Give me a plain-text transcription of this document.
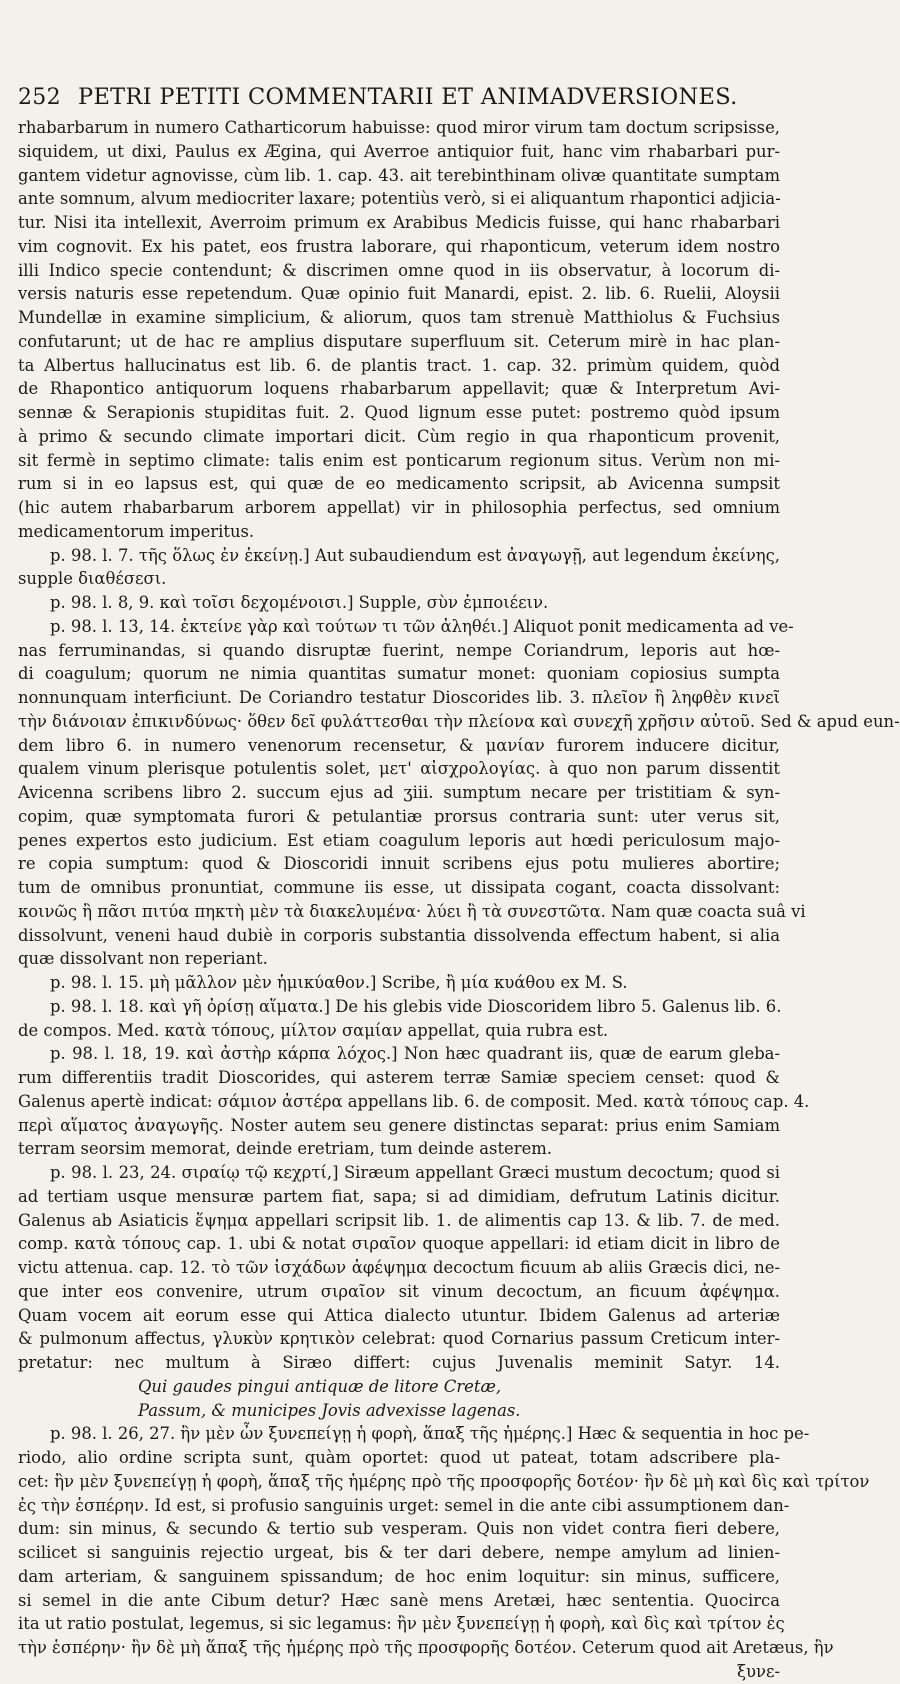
252 PETRI PETITI COMMENTARII ET ANIMADVERSIONES.
rhabarbarum in numero Catharticorum habuisse: quod miror virum tam doctum scripsisse,
siquidem, ut dixi, Paulus ex Ægina, qui Averroe antiquior fuit, hanc vim rhabarbari pur-
gantem videtur agnovisse, cùm lib. 1. cap. 43. ait terebinthinam olivæ quantitate sumptam
ante somnum, alvum mediocriter laxare; potentiùs verò, si ei aliquantum rhapontici adjicia-
tur. Nisi ita intellexit, Averroim primum ex Arabibus Medicis fuisse, qui hanc rhabarbari
vim cognovit. Ex his patet, eos frustra laborare, qui rhaponticum, veterum idem nostro
illi Indico specie contendunt; & discrimen omne quod in iis observatur, à locorum di-
versis naturis esse repetendum. Quæ opinio fuit Manardi, epist. 2. lib. 6. Ruelii, Aloysii
Mundellæ in examine simplicium, & aliorum, quos tam strenuè Matthiolus & Fuchsius
confutarunt; ut de hac re amplius disputare superfluum sit. Ceterum mirè in hac plan-
ta Albertus hallucinatus est lib. 6. de plantis tract. 1. cap. 32. primùm quidem, quòd
de Rhapontico antiquorum loquens rhabarbarum appellavit; quæ & Interpretum Avi-
sennæ & Serapionis stupiditas fuit. 2. Quod lignum esse putet: postremo quòd ipsum
à primo & secundo climate importari dicit. Cùm regio in qua rhaponticum provenit,
sit fermè in septimo climate: talis enim est ponticarum regionum situs. Verùm non mi-
rum si in eo lapsus est, qui quæ de eo medicamento scripsit, ab Avicenna sumpsit
(hic autem rhabarbarum arborem appellat) vir in philosophia perfectus, sed omnium
medicamentorum imperitus.
p. 98. l. 7. τῆς ὅλως ἐν ἐκείνῃ.] Aut subaudiendum est ἀναγωγῇ, aut legendum ἐκείνης,
supple διαθέσεσι.
p. 98. l. 8, 9. καὶ τοῖσι δεχομένοισι.] Supple, σὺν ἐμποιέειν.
p. 98. l. 13, 14. ἐκτείνε γὰρ καὶ τούτων τι τῶν ἀληθέι.] Aliquot ponit medicamenta ad ve-
nas ferruminandas, si quando disruptæ fuerint, nempe Coriandrum, leporis aut hœ-
di coagulum; quorum ne nimia quantitas sumatur monet: quoniam copiosius sumpta
nonnunquam interficiunt. De Coriandro testatur Dioscorides lib. 3. πλεῖον ἢ ληφθὲν κινεῖ
τὴν διάνοιαν ἐπικινδύνως· ὅθεν δεῖ φυλάττεσθαι τὴν πλείονα καὶ συνεχῆ χρῆσιν αὐτοῦ. Sed & apud eun-
dem libro 6. in numero venenorum recensetur, & μανίαν furorem inducere dicitur,
qualem vinum plerisque potulentis solet, μετ' αἰσχρολογίας. à quo non parum dissentit
Avicenna scribens libro 2. succum ejus ad ʒiii. sumptum necare per tristitiam & syn-
copim, quæ symptomata furori & petulantiæ prorsus contraria sunt: uter verus sit,
penes expertos esto judicium. Est etiam coagulum leporis aut hœdi periculosum majo-
re copia sumptum: quod & Dioscoridi innuit scribens ejus potu mulieres abortire;
tum de omnibus pronuntiat, commune iis esse, ut dissipata cogant, coacta dissolvant:
κοινῶς ἢ πᾶσι πιτύα πηκτὴ μὲν τὰ διακελυμένα· λύει ἢ τὰ συνεστῶτα. Nam quæ coacta suâ vi
dissolvunt, veneni haud dubiè in corporis substantia dissolvenda effectum habent, si alia
quæ dissolvant non reperiant.
p. 98. l. 15. μὴ μᾶλλον μὲν ἡμικύαθον.] Scribe, ἢ μία κυάθου ex M. S.
p. 98. l. 18. καὶ γῆ ὀρίσῃ αἵματα.] De his glebis vide Dioscoridem libro 5. Galenus lib. 6.
de compos. Med. κατὰ τόπους, μίλτον σαμίαν appellat, quia rubra est.
p. 98. l. 18, 19. καὶ ἀστὴρ κάρπα λόχος.] Non hæc quadrant iis, quæ de earum gleba-
rum differentiis tradit Dioscorides, qui asterem terræ Samiæ speciem censet: quod &
Galenus apertè indicat: σάμιον ἀστέρα appellans lib. 6. de composit. Med. κατὰ τόπους cap. 4.
περὶ αἵματος ἀναγωγῆς. Noster autem seu genere distinctas separat: prius enim Samiam
terram seorsim memorat, deinde eretriam, tum deinde asterem.
p. 98. l. 23, 24. σιραίῳ τῷ κεχρτί,] Siræum appellant Græci mustum decoctum; quod si
ad tertiam usque mensuræ partem fiat, sapa; si ad dimidiam, defrutum Latinis dicitur.
Galenus ab Asiaticis ἕψημα appellari scripsit lib. 1. de alimentis cap 13. & lib. 7. de med.
comp. κατὰ τόπους cap. 1. ubi & notat σιραῖον quoque appellari: id etiam dicit in libro de
victu attenua. cap. 12. τὸ τῶν ἰσχάδων ἀφέψημα decoctum ficuum ab aliis Græcis dici, ne-
que inter eos convenire, utrum σιραῖον sit vinum decoctum, an ficuum ἀφέψημα.
Quam vocem ait eorum esse qui Attica dialecto utuntur. Ibidem Galenus ad arteriæ
& pulmonum affectus, γλυκὺν κρητικὸν celebrat: quod Cornarius passum Creticum inter-
pretatur: nec multum à Siræo differt: cujus Juvenalis meminit Satyr. 14.
Qui gaudes pingui antiquæ de litore Cretæ,
Passum, & municipes Jovis advexisse lagenas.
p. 98. l. 26, 27. ἢν μὲν ὦν ξυνεπείγῃ ἡ φορὴ, ἅπαξ τῆς ἡμέρης.] Hæc & sequentia in hoc pe-
riodo, alio ordine scripta sunt, quàm oportet: quod ut pateat, totam adscribere pla-
cet: ἢν μὲν ξυνεπείγῃ ἡ φορὴ, ἅπαξ τῆς ἡμέρης πρὸ τῆς προσφορῆς δοτέον· ἢν δὲ μὴ καὶ δὶς καὶ τρίτον
ἐς τὴν ἑσπέρην. Id est, si profusio sanguinis urget: semel in die ante cibi assumptionem dan-
dum: sin minus, & secundo & tertio sub vesperam. Quis non videt contra fieri debere,
scilicet si sanguinis rejectio urgeat, bis & ter dari debere, nempe amylum ad linien-
dam arteriam, & sanguinem spissandum; de hoc enim loquitur: sin minus, sufficere,
si semel in die ante Cibum detur? Hæc sanè mens Aretæi, hæc sententia. Quocirca
ita ut ratio postulat, legemus, si sic legamus: ἢν μὲν ξυνεπείγῃ ἡ φορὴ, καὶ δὶς καὶ τρίτον ἐς
τὴν ἑσπέρην· ἢν δὲ μὴ ἅπαξ τῆς ἡμέρης πρὸ τῆς προσφορῆς δοτέον. Ceterum quod ait Aretæus, ἢν
ξυνε-
